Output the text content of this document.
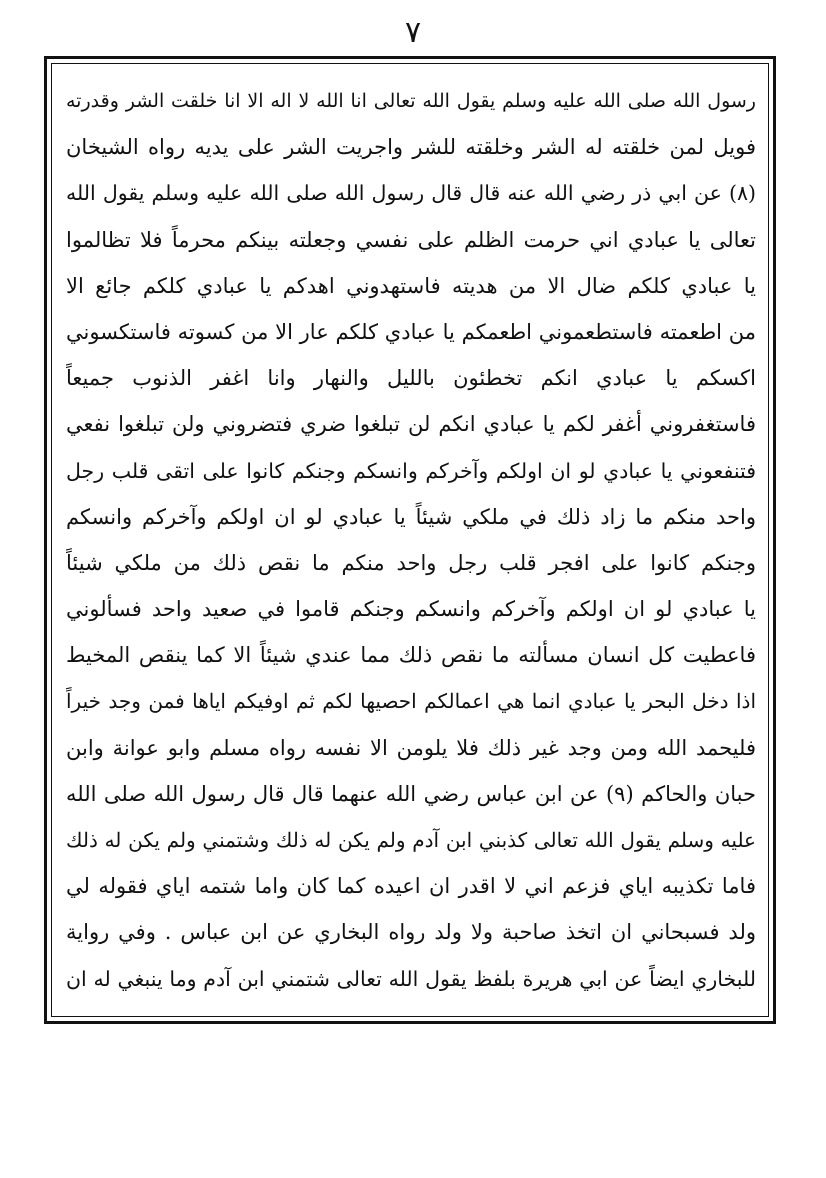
٧
رسول الله صلى الله عليه وسلم يقول الله تعالى انا الله لا اله الا انا خلقت الشر وقدرته
فويل لمن خلقته له الشر وخلقته للشر واجريت الشر على يديه رواه الشيخان
(٨) عن ابي ذر رضي الله عنه قال قال رسول الله صلى الله عليه وسلم يقول الله
تعالى يا عبادي اني حرمت الظلم على نفسي وجعلته بينكم محرماً فلا تظالموا
يا عبادي كلكم ضال الا من هديته فاستهدوني اهدكم يا عبادي كلكم جائع الا
من اطعمته فاستطعموني اطعمكم يا عبادي كلكم عار الا من كسوته فاستكسوني
اكسكم يا عبادي انكم تخطئون بالليل والنهار وانا اغفر الذنوب جميعاً
فاستغفروني أغفر لكم يا عبادي انكم لن تبلغوا ضري فتضروني ولن تبلغوا نفعي
فتنفعوني يا عبادي لو ان اولكم وآخركم وانسكم وجنكم كانوا على اتقى قلب رجل
واحد منكم ما زاد ذلك في ملكي شيئاً يا عبادي لو ان اولكم وآخركم وانسكم
وجنكم كانوا على افجر قلب رجل واحد منكم ما نقص ذلك من ملكي شيئاً
يا عبادي لو ان اولكم وآخركم وانسكم وجنكم قاموا في صعيد واحد فسألوني
فاعطيت كل انسان مسألته ما نقص ذلك مما عندي شيئاً الا كما ينقص المخيط
اذا دخل البحر يا عبادي انما هي اعمالكم احصيها لكم ثم اوفيكم اياها فمن وجد خيراً
فليحمد الله ومن وجد غير ذلك فلا يلومن الا نفسه رواه مسلم وابو عوانة وابن
حبان والحاكم (٩) عن ابن عباس رضي الله عنهما قال قال رسول الله صلى الله
عليه وسلم يقول الله تعالى كذبني ابن آدم ولم يكن له ذلك وشتمني ولم يكن له ذلك
فاما تكذيبه اياي فزعم اني لا اقدر ان اعيده كما كان واما شتمه اياي فقوله لي
ولد فسبحاني ان اتخذ صاحبة ولا ولد رواه البخاري عن ابن عباس . وفي رواية
للبخاري ايضاً عن ابي هريرة بلفظ يقول الله تعالى شتمني ابن آدم وما ينبغي له ان
